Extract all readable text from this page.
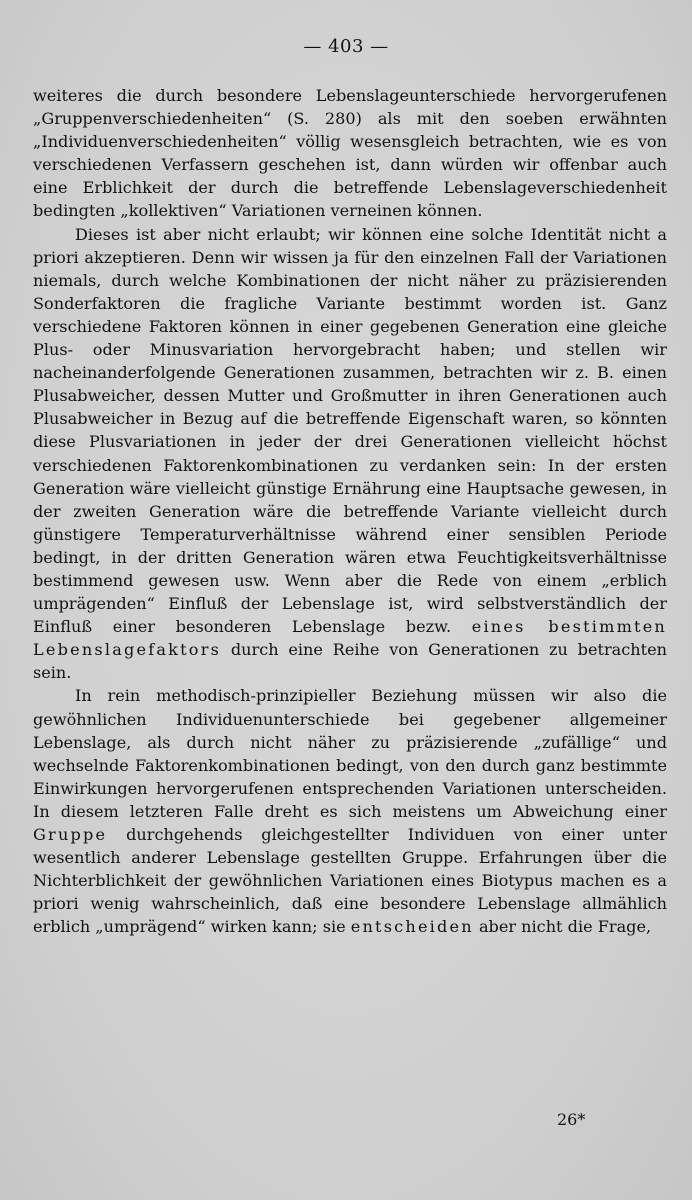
— 403 —

weiteres die durch besondere Lebenslageunterschiede hervorgerufenen „Gruppenverschiedenheiten“ (S. 280) als mit den soeben erwähnten „Individuenverschiedenheiten“ völlig wesensgleich betrachten, wie es von verschiedenen Verfassern geschehen ist, dann würden wir offenbar auch eine Erblichkeit der durch die betreffende Lebenslageverschiedenheit bedingten „kollektiven“ Variationen verneinen können.

Dieses ist aber nicht erlaubt; wir können eine solche Identität nicht a priori akzeptieren. Denn wir wissen ja für den einzelnen Fall der Variationen niemals, durch welche Kombinationen der nicht näher zu präzisierenden Sonderfaktoren die fragliche Variante bestimmt worden ist. Ganz verschiedene Faktoren können in einer gegebenen Generation eine gleiche Plus- oder Minusvariation hervorgebracht haben; und stellen wir nacheinanderfolgende Generationen zusammen, betrachten wir z. B. einen Plusabweicher, dessen Mutter und Großmutter in ihren Generationen auch Plusabweicher in Bezug auf die betreffende Eigenschaft waren, so könnten diese Plusvariationen in jeder der drei Generationen vielleicht höchst verschiedenen Faktorenkombinationen zu verdanken sein: In der ersten Generation wäre vielleicht günstige Ernährung eine Hauptsache gewesen, in der zweiten Generation wäre die betreffende Variante vielleicht durch günstigere Temperaturverhältnisse während einer sensiblen Periode bedingt, in der dritten Generation wären etwa Feuchtigkeitsverhältnisse bestimmend gewesen usw. Wenn aber die Rede von einem „erblich umprägenden“ Einfluß der Lebenslage ist, wird selbstverständlich der Einfluß einer besonderen Lebenslage bezw. eines bestimmten Lebenslagefaktors durch eine Reihe von Generationen zu betrachten sein.

In rein methodisch-prinzipieller Beziehung müssen wir also die gewöhnlichen Individuenunterschiede bei gegebener allgemeiner Lebenslage, als durch nicht näher zu präzisierende „zufällige“ und wechselnde Faktorenkombinationen bedingt, von den durch ganz bestimmte Einwirkungen hervorgerufenen entsprechenden Variationen unterscheiden. In diesem letzteren Falle dreht es sich meistens um Abweichung einer Gruppe durchgehends gleichgestellter Individuen von einer unter wesentlich anderer Lebenslage gestellten Gruppe. Erfahrungen über die Nichterblichkeit der gewöhnlichen Variationen eines Biotypus machen es a priori wenig wahrscheinlich, daß eine besondere Lebenslage allmählich erblich „umprägend“ wirken kann; sie entscheiden aber nicht die Frage,

26*
